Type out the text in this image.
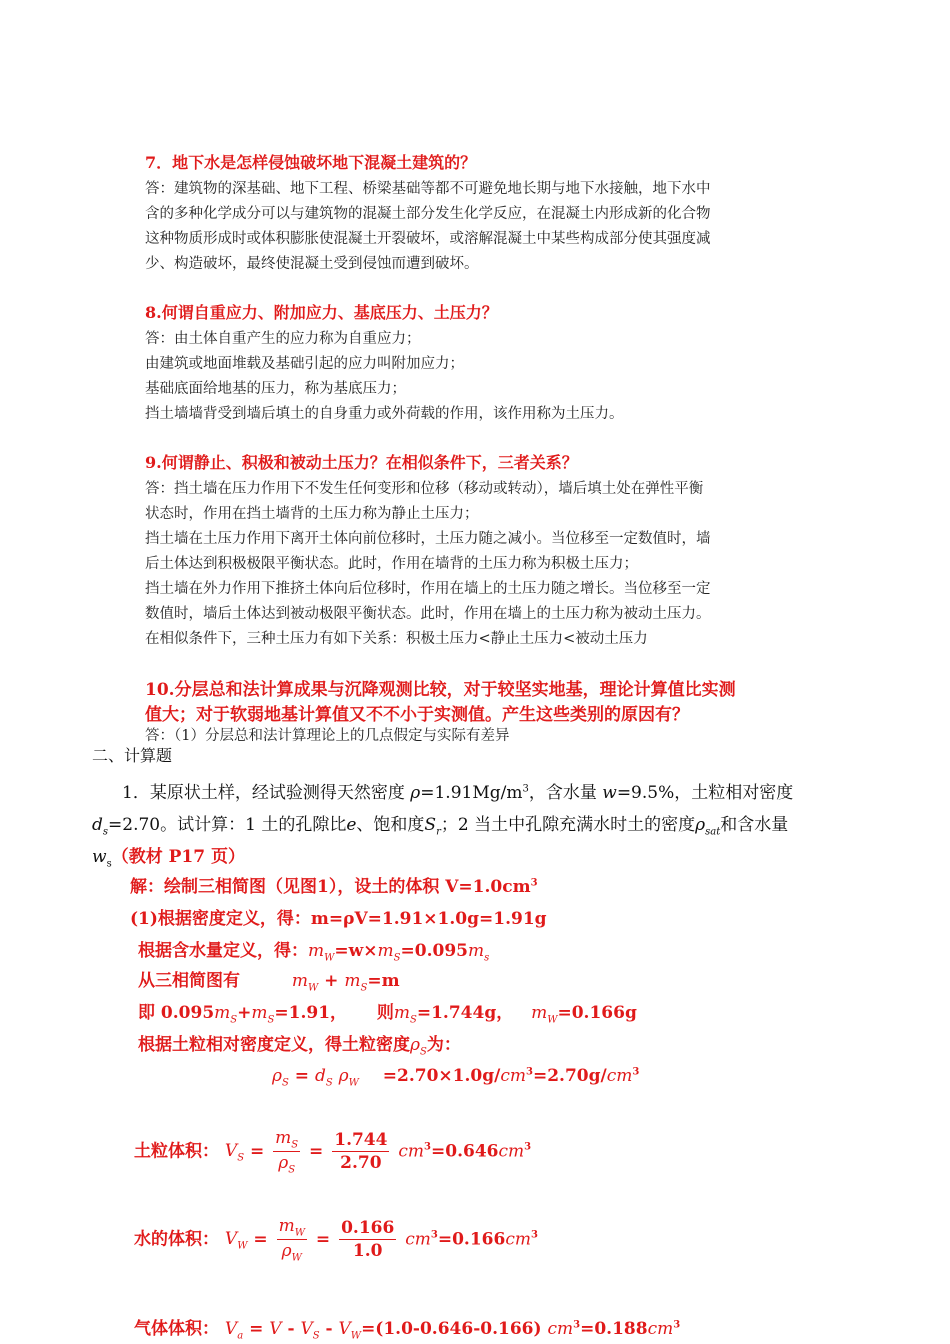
7．地下水是怎样侵蚀破坏地下混凝土建筑的？
答：建筑物的深基础、地下工程、桥梁基础等都不可避免地长期与地下水接触，地下水中
含的多种化学成分可以与建筑物的混凝土部分发生化学反应，在混凝土内形成新的化合物
这种物质形成时或体积膨胀使混凝土开裂破坏，或溶解混凝土中某些构成部分使其强度减
少、构造破坏，最终使混凝土受到侵蚀而遭到破坏。
8.何谓自重应力、附加应力、基底压力、土压力？
答：由土体自重产生的应力称为自重应力；
由建筑或地面堆载及基础引起的应力叫附加应力；
基础底面给地基的压力，称为基底压力；
挡土墙墙背受到墙后填土的自身重力或外荷载的作用，该作用称为土压力。
9.何谓静止、积极和被动土压力？在相似条件下，三者关系？
答：挡土墙在压力作用下不发生任何变形和位移（移动或转动），墙后填土处在弹性平衡
状态时，作用在挡土墙背的土压力称为静止土压力；
挡土墙在土压力作用下离开土体向前位移时，土压力随之减小。当位移至一定数值时，墙
后土体达到积极极限平衡状态。此时，作用在墙背的土压力称为积极土压力；
挡土墙在外力作用下推挤土体向后位移时，作用在墙上的土压力随之增长。当位移至一定
数值时，墙后土体达到被动极限平衡状态。此时，作用在墙上的土压力称为被动土压力。
在相似条件下，三种土压力有如下关系：积极土压力<静止土压力<被动土压力
10.分层总和法计算成果与沉降观测比较，对于较坚实地基，理论计算值比实测
值大；对于软弱地基计算值又不不小于实测值。产生这些类别的原因有？
答：（1）分层总和法计算理论上的几点假定与实际有差异
二、计算题
1．某原状土样，经试验测得天然密度 $\rho=1.91Mg/m^3$，含水量 w=9.5%，土粒相对密度
$d_s=2.70$。试计算：1 土的孔隙比e、饱和度$S_r$；2 当土中孔隙充满水时土的密度$\rho_{sat}$和含水量
$w_s$（教材 P17 页）
解：绘制三相简图（见图1），设土的体积 $V=1.0cm^3$
(1)根据密度定义，得：m=ρV=1.91×1.0g=1.91g
根据含水量定义，得：$m_W=w\times m_S=0.095m_s$
从三相简图有	$m_W + m_S=m$
即 $0.095m_S+m_S=1.91$， 则$m_S=1.744g$， $m_W=0.166g$
根据土粒相对密度定义，得土粒密度$\rho_S$为：
$\rho_S = d_S$ $\rho_W =2.70\times 1.0g/cm^3=2.70g/cm^3$
土粒体积： $V_S = \frac{m_S}{\rho_S} = \frac{1.744}{2.70} cm^3=0.646cm^3$
水的体积： $V_W = \frac{m_W}{\rho_W} = \frac{0.166}{1.0} cm^3=0.166cm^3$
气体体积： $V_a = V - V_S - V_W=(1.0-0.646-0.166)$ $cm^3=0.188cm^3$
